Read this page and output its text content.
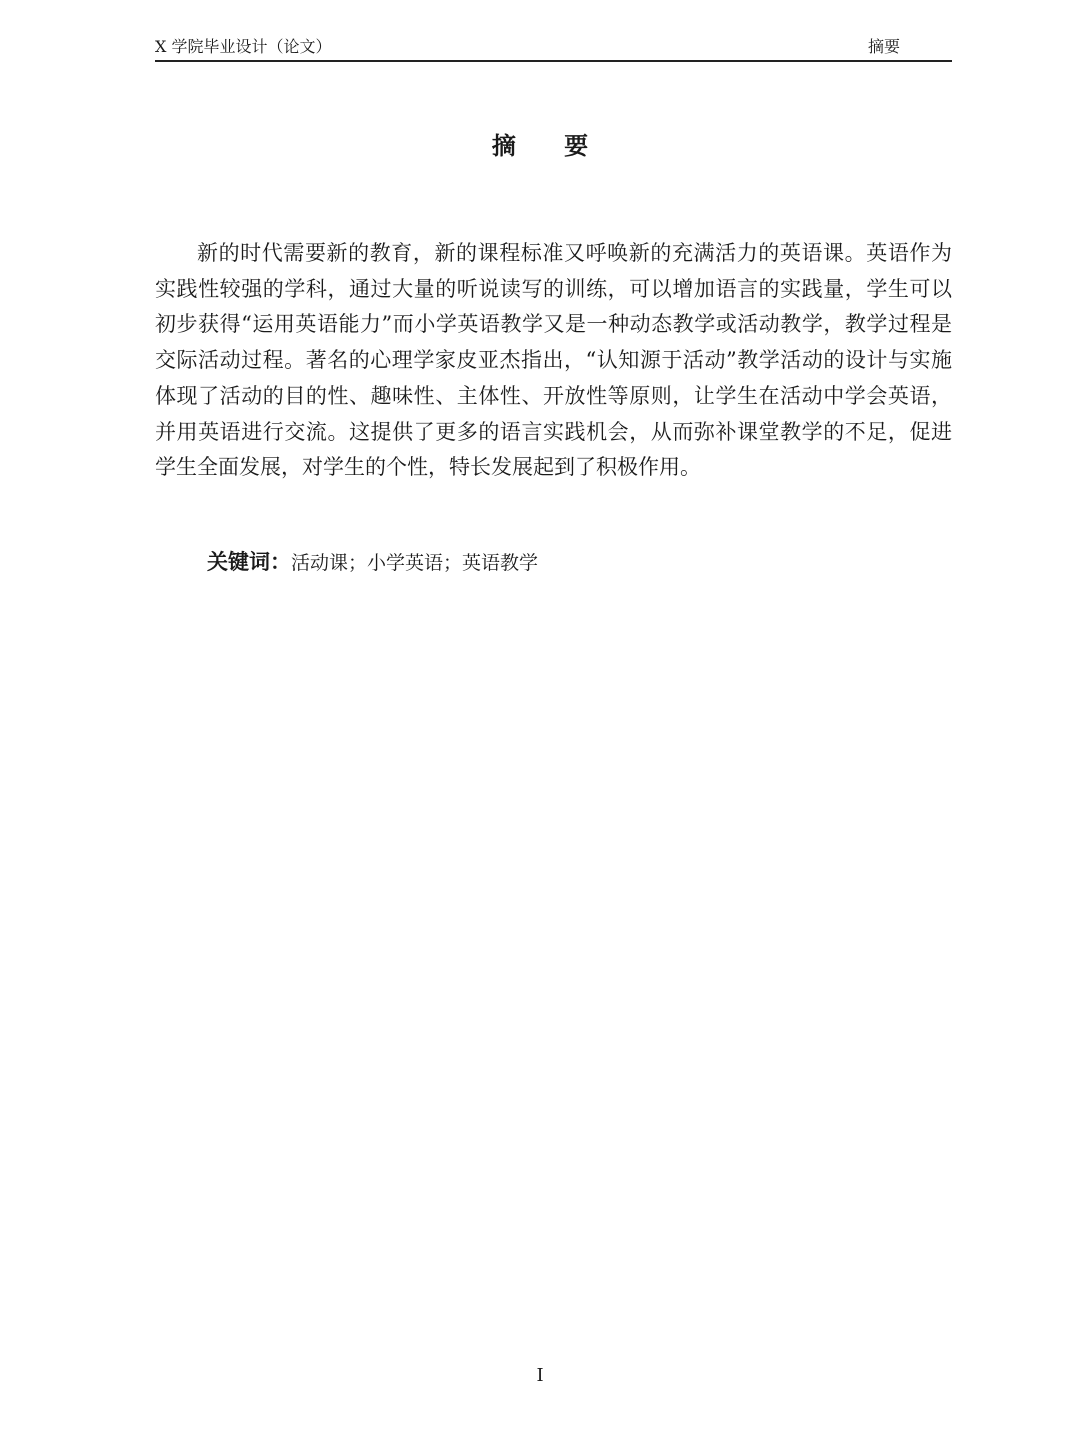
X 学院毕业设计（论文）	摘要
摘 要

新的时代需要新的教育，新的课程标准又呼唤新的充满活力的英语课。英语作为实践性较强的学科，通过大量的听说读写的训练，可以增加语言的实践量，学生可以初步获得“运用英语能力”而小学英语教学又是一种动态教学或活动教学，教学过程是交际活动过程。著名的心理学家皮亚杰指出，“认知源于活动”教学活动的设计与实施体现了活动的目的性、趣味性、主体性、开放性等原则，让学生在活动中学会英语，并用英语进行交流。这提供了更多的语言实践机会，从而弥补课堂教学的不足，促进学生全面发展，对学生的个性，特长发展起到了积极作用。

关键词：活动课；小学英语；英语教学
I
